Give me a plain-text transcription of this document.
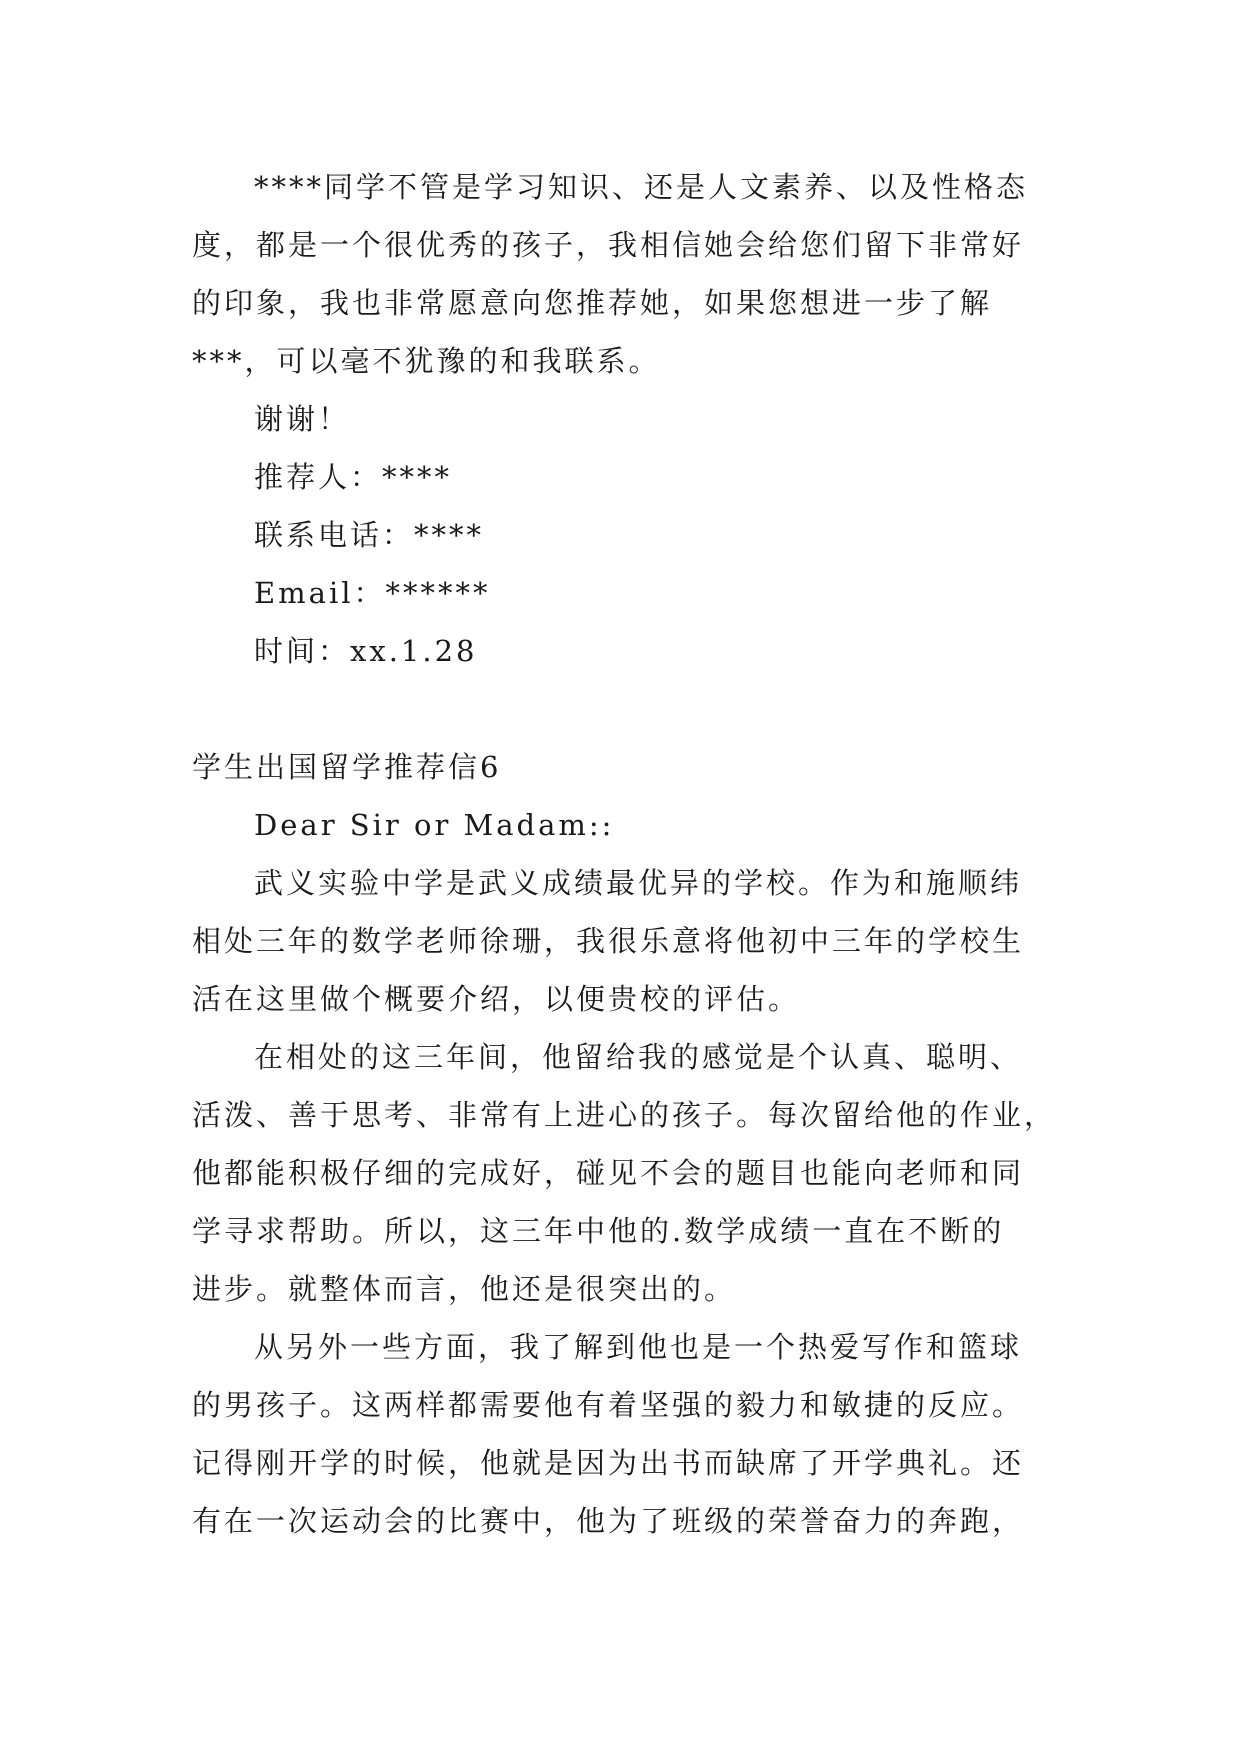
****同学不管是学习知识、还是人文素养、以及性格态

度，都是一个很优秀的孩子，我相信她会给您们留下非常好

的印象，我也非常愿意向您推荐她，如果您想进一步了解

***，可以毫不犹豫的和我联系。

谢谢！

推荐人：****

联系电话：****

Email：******

时间：xx.1.28

学生出国留学推荐信6

Dear Sir or Madam::

武义实验中学是武义成绩最优异的学校。作为和施顺纬

相处三年的数学老师徐珊，我很乐意将他初中三年的学校生

活在这里做个概要介绍，以便贵校的评估。

在相处的这三年间，他留给我的感觉是个认真、聪明、

活泼、善于思考、非常有上进心的孩子。每次留给他的作业，

他都能积极仔细的完成好，碰见不会的题目也能向老师和同

学寻求帮助。所以，这三年中他的.数学成绩一直在不断的

进步。就整体而言，他还是很突出的。

从另外一些方面，我了解到他也是一个热爱写作和篮球

的男孩子。这两样都需要他有着坚强的毅力和敏捷的反应。

记得刚开学的时候，他就是因为出书而缺席了开学典礼。还

有在一次运动会的比赛中，他为了班级的荣誉奋力的奔跑，
